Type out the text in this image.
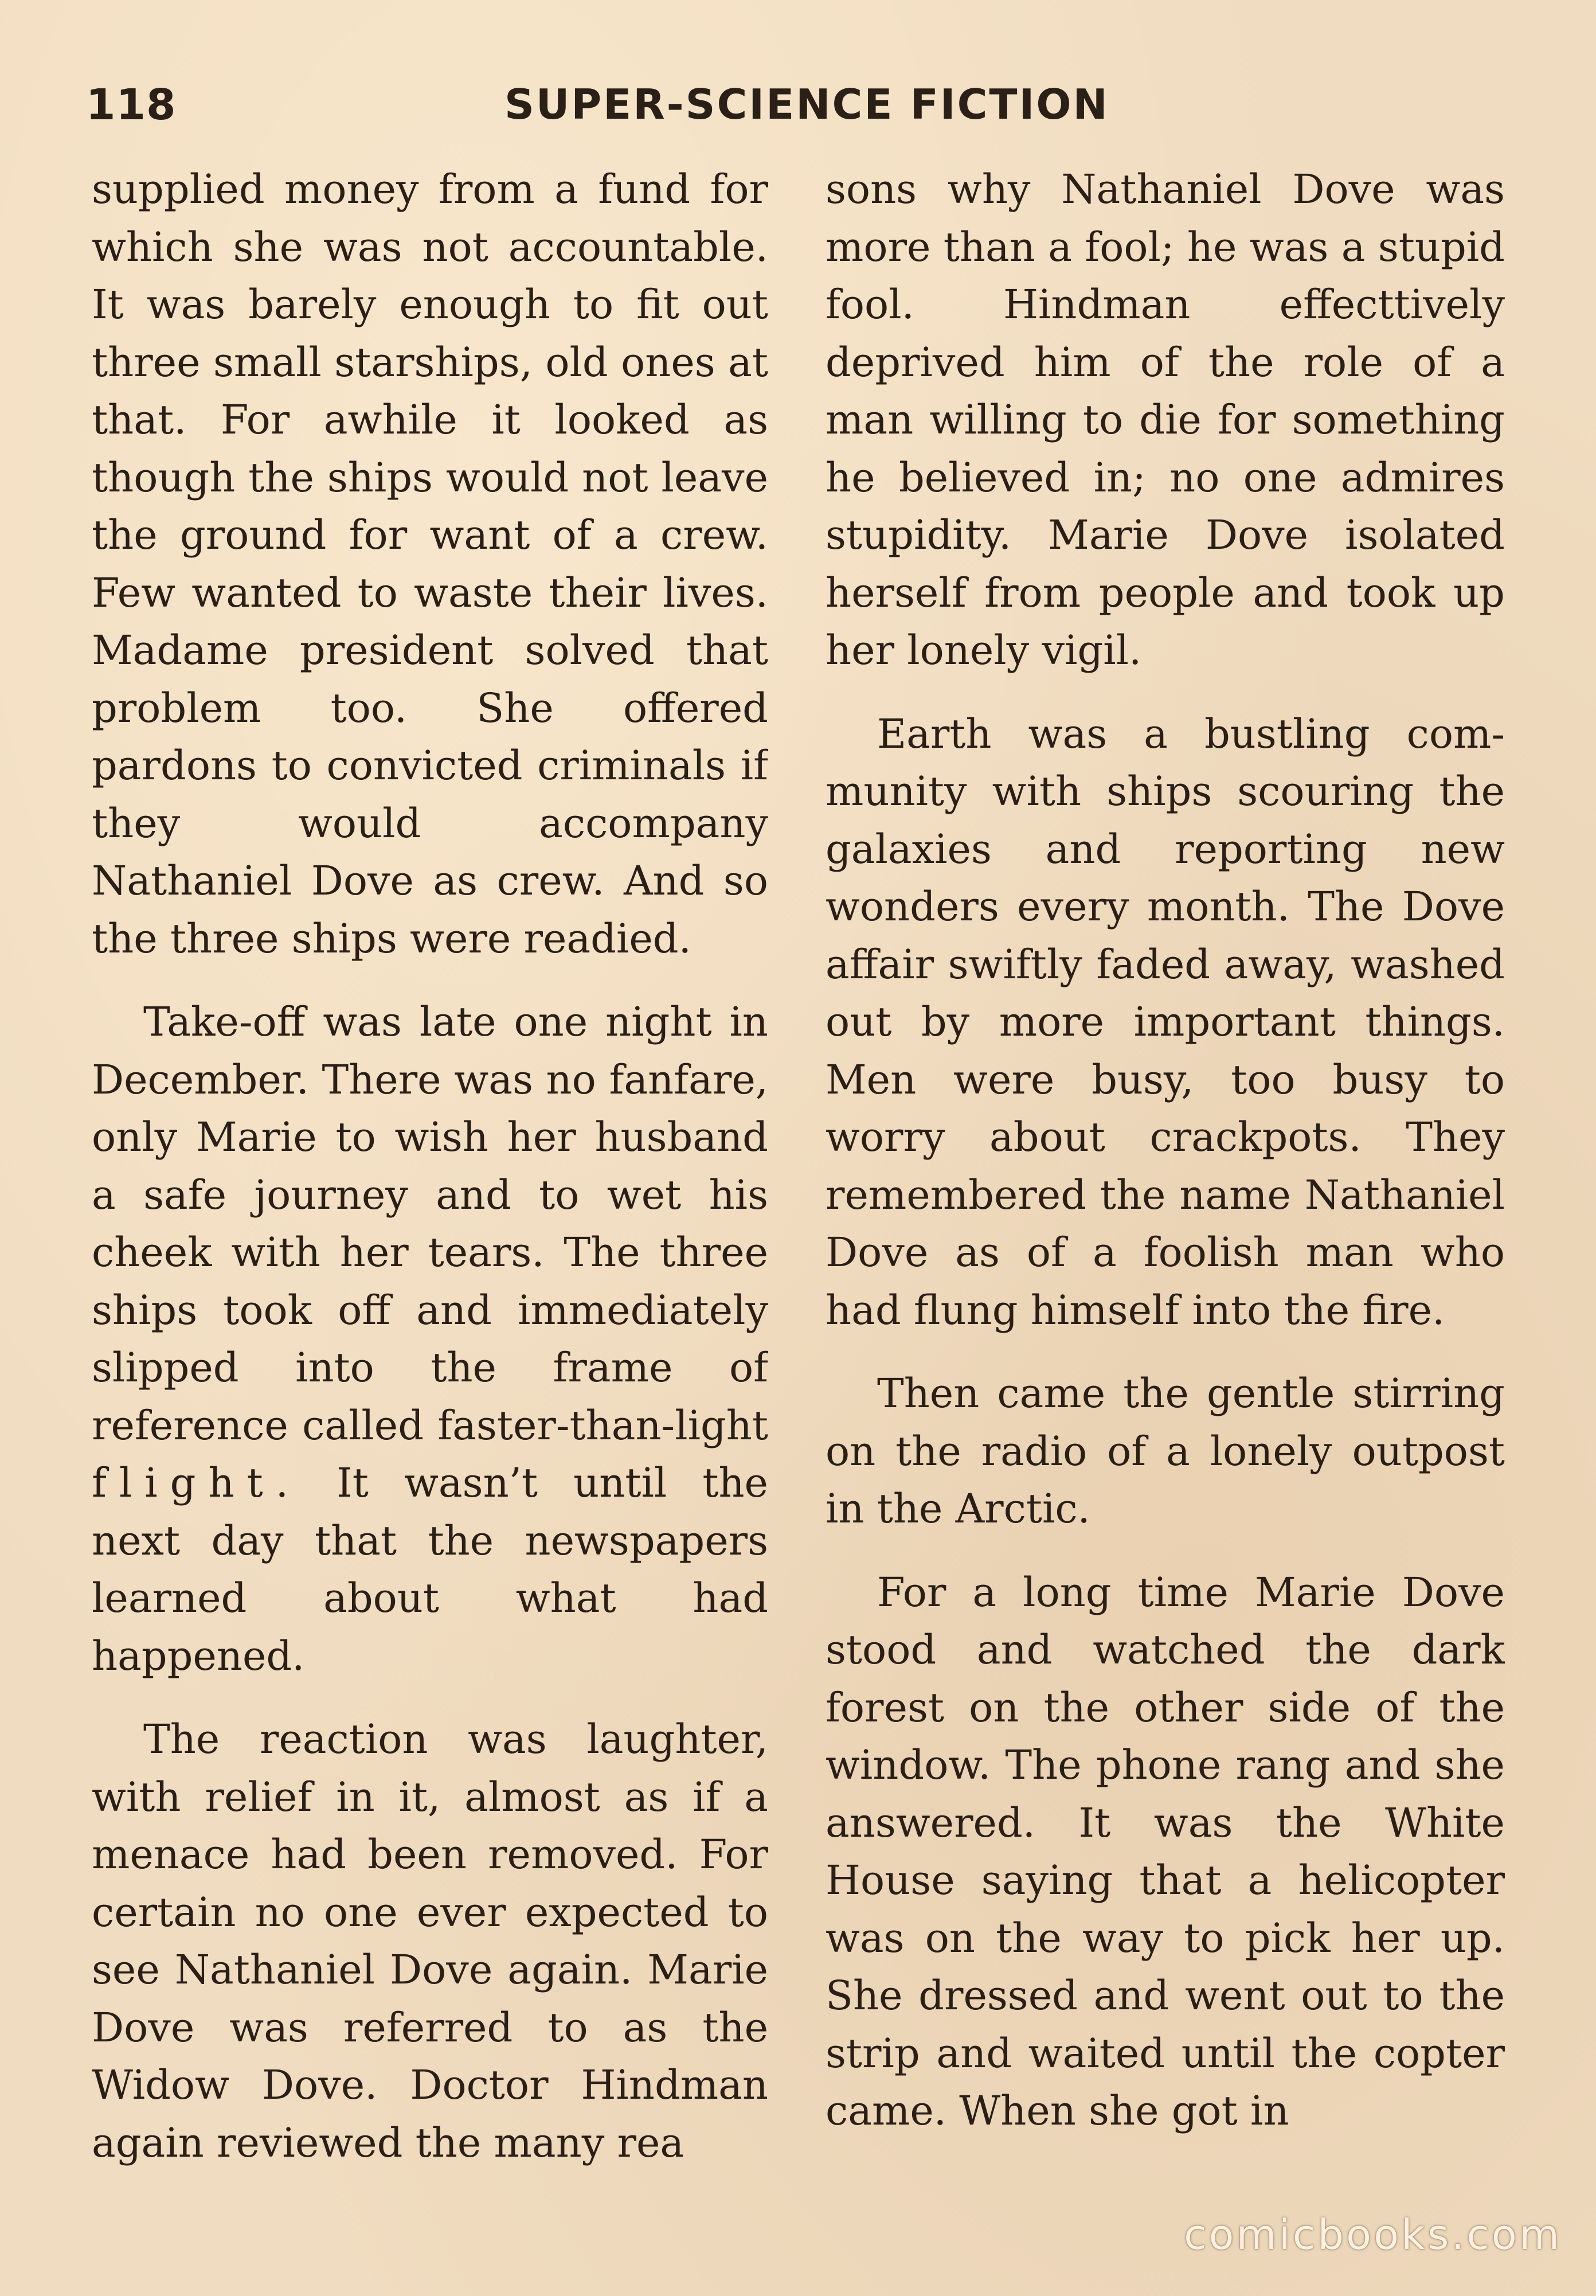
118	SUPER-SCIENCE FICTION

supplied money from a fund for which she was not accountable. It was barely enough to fit out three small starships, old ones at that. For awhile it looked as though the ships would not leave the ground for want of a crew. Few wanted to waste their lives. Madame president solved that problem too. She offered pardons to convicted criminals if they would accompany Nathaniel Dove as crew. And so the three ships were readied.

Take-off was late one night in December. There was no fanfare, only Marie to wish her husband a safe journey and to wet his cheek with her tears. The three ships took off and immediately slipped into the frame of reference called faster-than-light flight. It wasn’t until the next day that the newspapers learned about what had happened.

The reaction was laughter, with relief in it, almost as if a menace had been removed. For certain no one ever expected to see Nathaniel Dove again. Marie Dove was referred to as the Widow Dove. Doctor Hindman again reviewed the many rea

sons why Nathaniel Dove was more than a fool; he was a stupid fool. Hindman effecttively deprived him of the role of a man willing to die for something he believed in; no one admires stupidity. Marie Dove isolated herself from people and took up her lonely vigil.

Earth was a bustling community with ships scouring the galaxies and reporting new wonders every month. The Dove affair swiftly faded away, washed out by more important things. Men were busy, too busy to worry about crackpots. They remembered the name Nathaniel Dove as of a foolish man who had flung himself into the fire.

Then came the gentle stirring on the radio of a lonely outpost in the Arctic.

For a long time Marie Dove stood and watched the dark forest on the other side of the window. The phone rang and she answered. It was the White House saying that a helicopter was on the way to pick her up. She dressed and went out to the strip and waited until the copter came. When she got in

comicbooks.com
